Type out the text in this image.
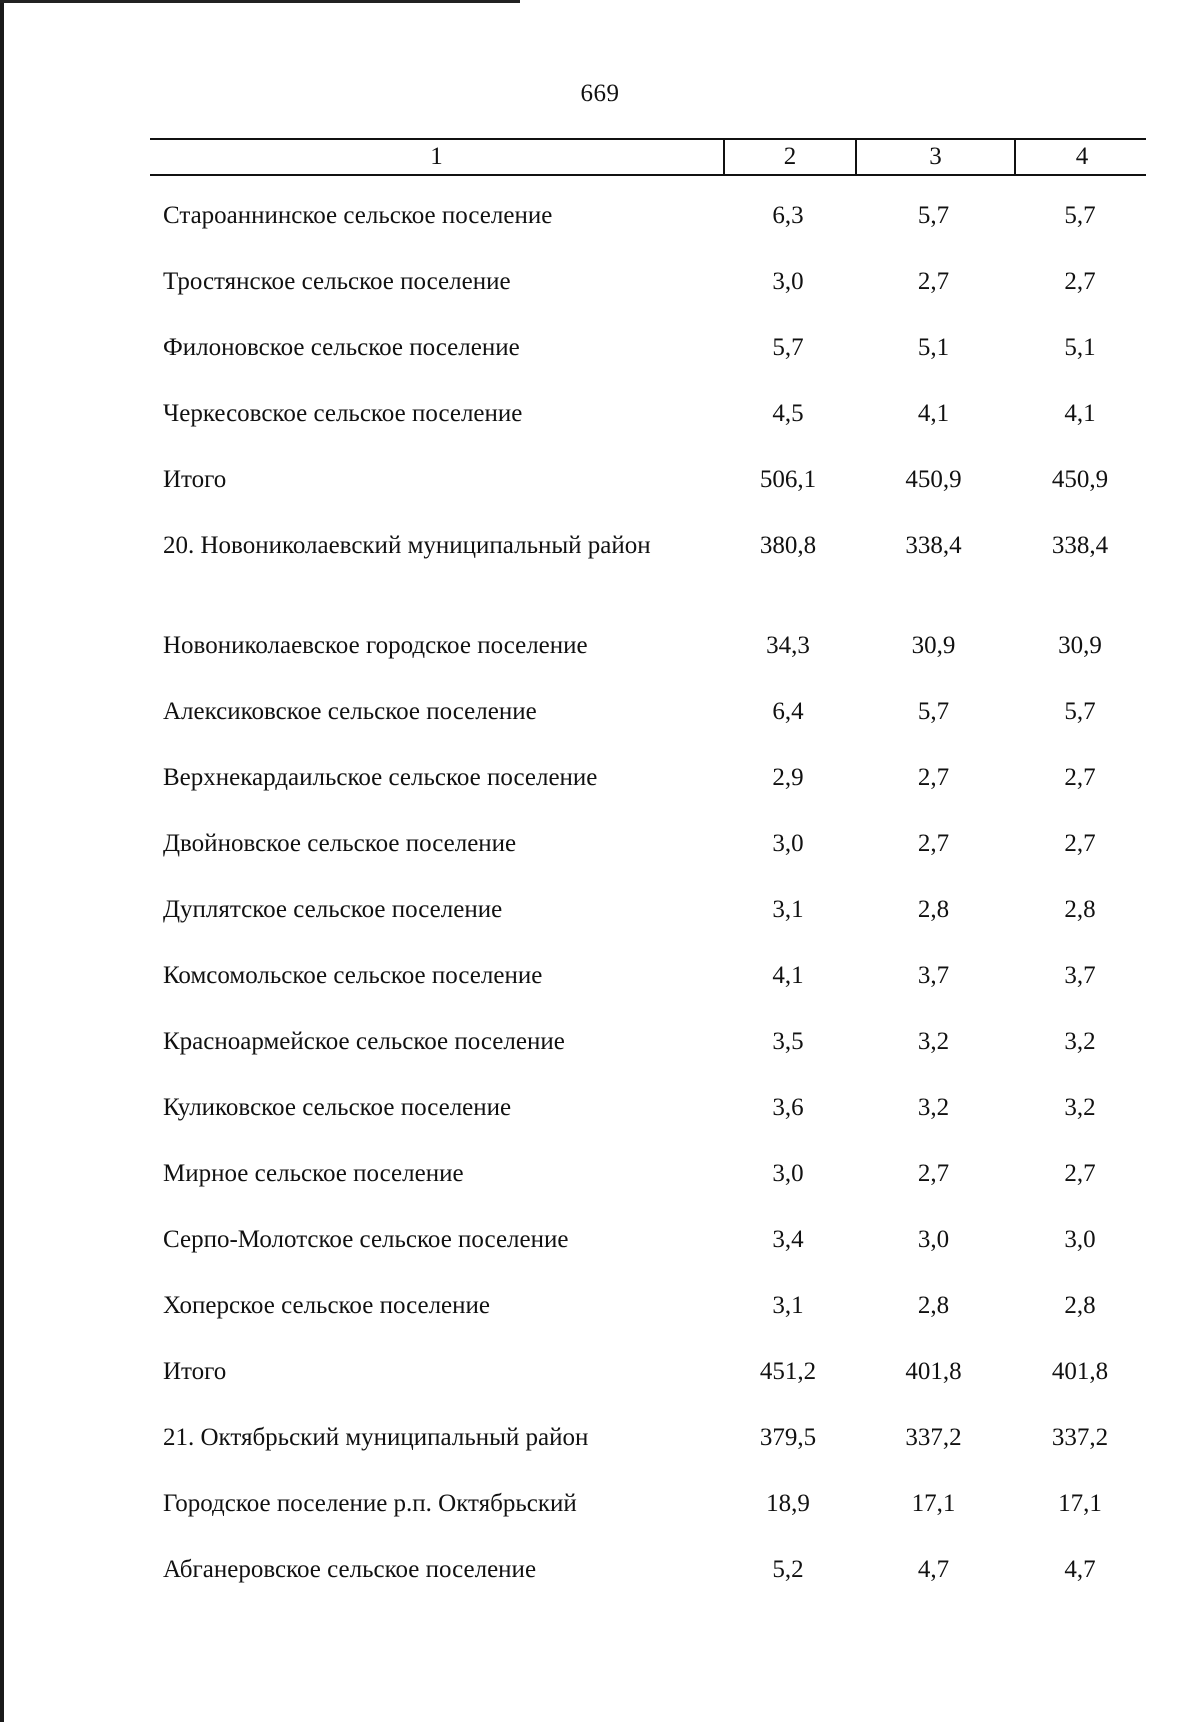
669
1	2	3	4
Староаннинское сельское поселение	6,3	5,7	5,7
Тростянское сельское поселение	3,0	2,7	2,7
Филоновское сельское поселение	5,7	5,1	5,1
Черкесовское сельское поселение	4,5	4,1	4,1
Итого	506,1	450,9	450,9
20. Новониколаевский муниципальный район	380,8	338,4	338,4
Новониколаевское городское поселение	34,3	30,9	30,9
Алексиковское сельское поселение	6,4	5,7	5,7
Верхнекардаильское сельское поселение	2,9	2,7	2,7
Двойновское сельское поселение	3,0	2,7	2,7
Дуплятское сельское поселение	3,1	2,8	2,8
Комсомольское сельское поселение	4,1	3,7	3,7
Красноармейское сельское поселение	3,5	3,2	3,2
Куликовское сельское поселение	3,6	3,2	3,2
Мирное сельское поселение	3,0	2,7	2,7
Серпо-Молотское сельское поселение	3,4	3,0	3,0
Хоперское сельское поселение	3,1	2,8	2,8
Итого	451,2	401,8	401,8
21. Октябрьский муниципальный район	379,5	337,2	337,2
Городское поселение р.п. Октябрьский	18,9	17,1	17,1
Абганеровское сельское поселение	5,2	4,7	4,7
